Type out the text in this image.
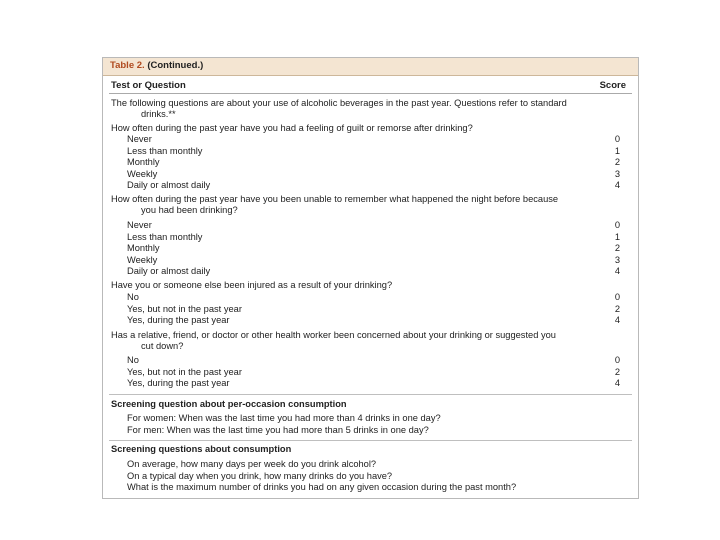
Table 2. (Continued.)
Test or Question	Score
The following questions are about your use of alcoholic beverages in the past year. Questions refer to standard
drinks.**
How often during the past year have you had a feeling of guilt or remorse after drinking?
Never	0
Less than monthly	1
Monthly	2
Weekly	3
Daily or almost daily	4
How often during the past year have you been unable to remember what happened the night before because
you had been drinking?
Never	0
Less than monthly	1
Monthly	2
Weekly	3
Daily or almost daily	4
Have you or someone else been injured as a result of your drinking?
No	0
Yes, but not in the past year	2
Yes, during the past year	4
Has a relative, friend, or doctor or other health worker been concerned about your drinking or suggested you
cut down?
No	0
Yes, but not in the past year	2
Yes, during the past year	4
Screening question about per-occasion consumption
For women: When was the last time you had more than 4 drinks in one day?
For men: When was the last time you had more than 5 drinks in one day?
Screening questions about consumption
On average, how many days per week do you drink alcohol?
On a typical day when you drink, how many drinks do you have?
What is the maximum number of drinks you had on any given occasion during the past month?
